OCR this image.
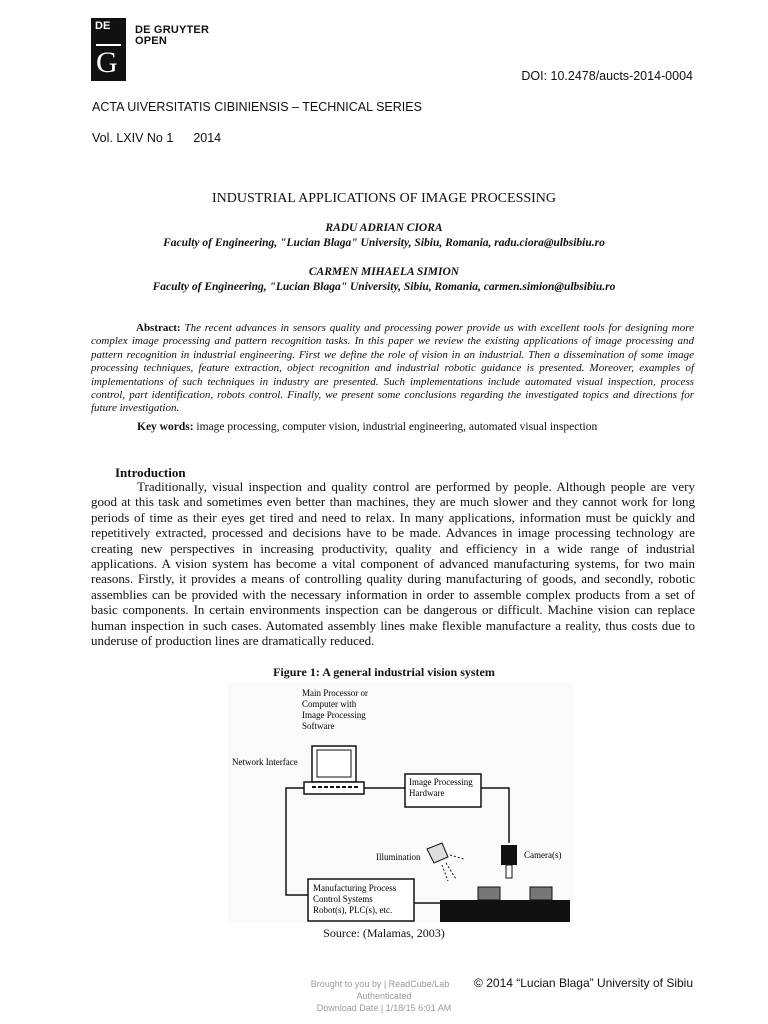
DE
G
DE GRUYTER
OPEN
DOI: 10.2478/aucts-2014-0004
ACTA UIVERSITATIS CIBINIENSIS – TECHNICAL SERIES
Vol. LXIV No 1 2014
INDUSTRIAL APPLICATIONS OF IMAGE PROCESSING
RADU ADRIAN CIORA
Faculty of Engineering, "Lucian Blaga" University, Sibiu, Romania, radu.ciora@ulbsibiu.ro
CARMEN MIHAELA SIMION
Faculty of Engineering, "Lucian Blaga" University, Sibiu, Romania, carmen.simion@ulbsibiu.ro
Abstract: The recent advances in sensors quality and processing power provide us with excellent tools for designing more complex image processing and pattern recognition tasks. In this paper we review the existing applications of image processing and pattern recognition in industrial engineering. First we define the role of vision in an industrial. Then a dissemination of some image processing techniques, feature extraction, object recognition and industrial robotic guidance is presented. Moreover, examples of implementations of such techniques in industry are presented. Such implementations include automated visual inspection, process control, part identification, robots control. Finally, we present some conclusions regarding the investigated topics and directions for future investigation.
Key words: image processing, computer vision, industrial engineering, automated visual inspection
Introduction
Traditionally, visual inspection and quality control are performed by people. Although people are very good at this task and sometimes even better than machines, they are much slower and they cannot work for long periods of time as their eyes get tired and need to relax. In many applications, information must be quickly and repetitively extracted, processed and decisions have to be made. Advances in image processing technology are creating new perspectives in increasing productivity, quality and efficiency in a wide range of industrial applications. A vision system has become a vital component of advanced manufacturing systems, for two main reasons. Firstly, it provides a means of controlling quality during manufacturing of goods, and secondly, robotic assemblies can be provided with the necessary information in order to assemble complex products from a set of basic components. In certain environments inspection can be dangerous or difficult. Machine vision can replace human inspection in such cases. Automated assembly lines make flexible manufacture a reality, thus costs due to underuse of production lines are dramatically reduced.
Figure 1: A general industrial vision system
Main Processor or
Computer with
Image Processing
Software
Network Interface
Image Processing
Hardware
Camera(s)
Illumination
Manufacturing Process
Control Systems
Robot(s), PLC(s), etc.
Source: (Malamas, 2003)
Brought to you by | ReadCube/Lab	© 2014 “Lucian Blaga” University of Sibiu
Authenticated
Download Date | 1/18/15 6:01 AM
